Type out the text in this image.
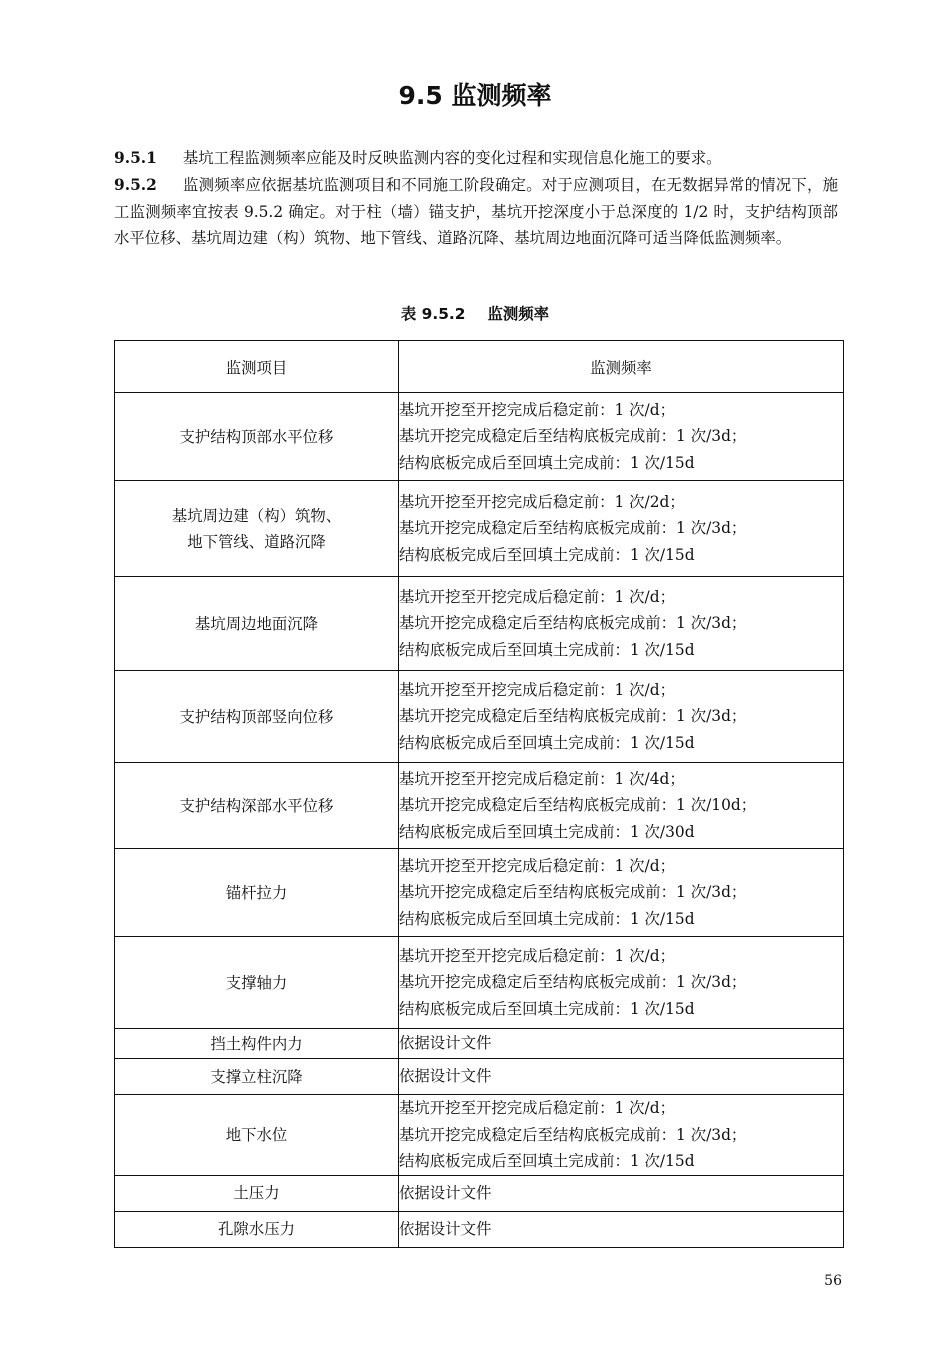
9.5 监测频率
9.5.1 基坑工程监测频率应能及时反映监测内容的变化过程和实现信息化施工的要求。
9.5.2 监测频率应依据基坑监测项目和不同施工阶段确定。对于应测项目，在无数据异常的情况下，施工监测频率宜按表 9.5.2 确定。对于柱（墙）锚支护，基坑开挖深度小于总深度的 1/2 时，支护结构顶部水平位移、基坑周边建（构）筑物、地下管线、道路沉降、基坑周边地面沉降可适当降低监测频率。
表 9.5.2 监测频率
监测项目	监测频率

支护结构顶部水平位移	基坑开挖至开挖完成后稳定前：1 次/d；
基坑开挖完成稳定后至结构底板完成前：1 次/3d；
结构底板完成后至回填土完成前：1 次/15d

基坑周边建（构）筑物、
地下管线、道路沉降	基坑开挖至开挖完成后稳定前：1 次/2d；
基坑开挖完成稳定后至结构底板完成前：1 次/3d；
结构底板完成后至回填土完成前：1 次/15d

基坑周边地面沉降	基坑开挖至开挖完成后稳定前：1 次/d；
基坑开挖完成稳定后至结构底板完成前：1 次/3d；
结构底板完成后至回填土完成前：1 次/15d

支护结构顶部竖向位移	基坑开挖至开挖完成后稳定前：1 次/d；
基坑开挖完成稳定后至结构底板完成前：1 次/3d；
结构底板完成后至回填土完成前：1 次/15d

支护结构深部水平位移	基坑开挖至开挖完成后稳定前：1 次/4d；
基坑开挖完成稳定后至结构底板完成前：1 次/10d；
结构底板完成后至回填土完成前：1 次/30d

锚杆拉力	基坑开挖至开挖完成后稳定前：1 次/d；
基坑开挖完成稳定后至结构底板完成前：1 次/3d；
结构底板完成后至回填土完成前：1 次/15d

支撑轴力	基坑开挖至开挖完成后稳定前：1 次/d；
基坑开挖完成稳定后至结构底板完成前：1 次/3d；
结构底板完成后至回填土完成前：1 次/15d

挡土构件内力	依据设计文件

支撑立柱沉降	依据设计文件

地下水位	基坑开挖至开挖完成后稳定前：1 次/d；
基坑开挖完成稳定后至结构底板完成前：1 次/3d；
结构底板完成后至回填土完成前：1 次/15d

土压力	依据设计文件

孔隙水压力	依据设计文件
56
